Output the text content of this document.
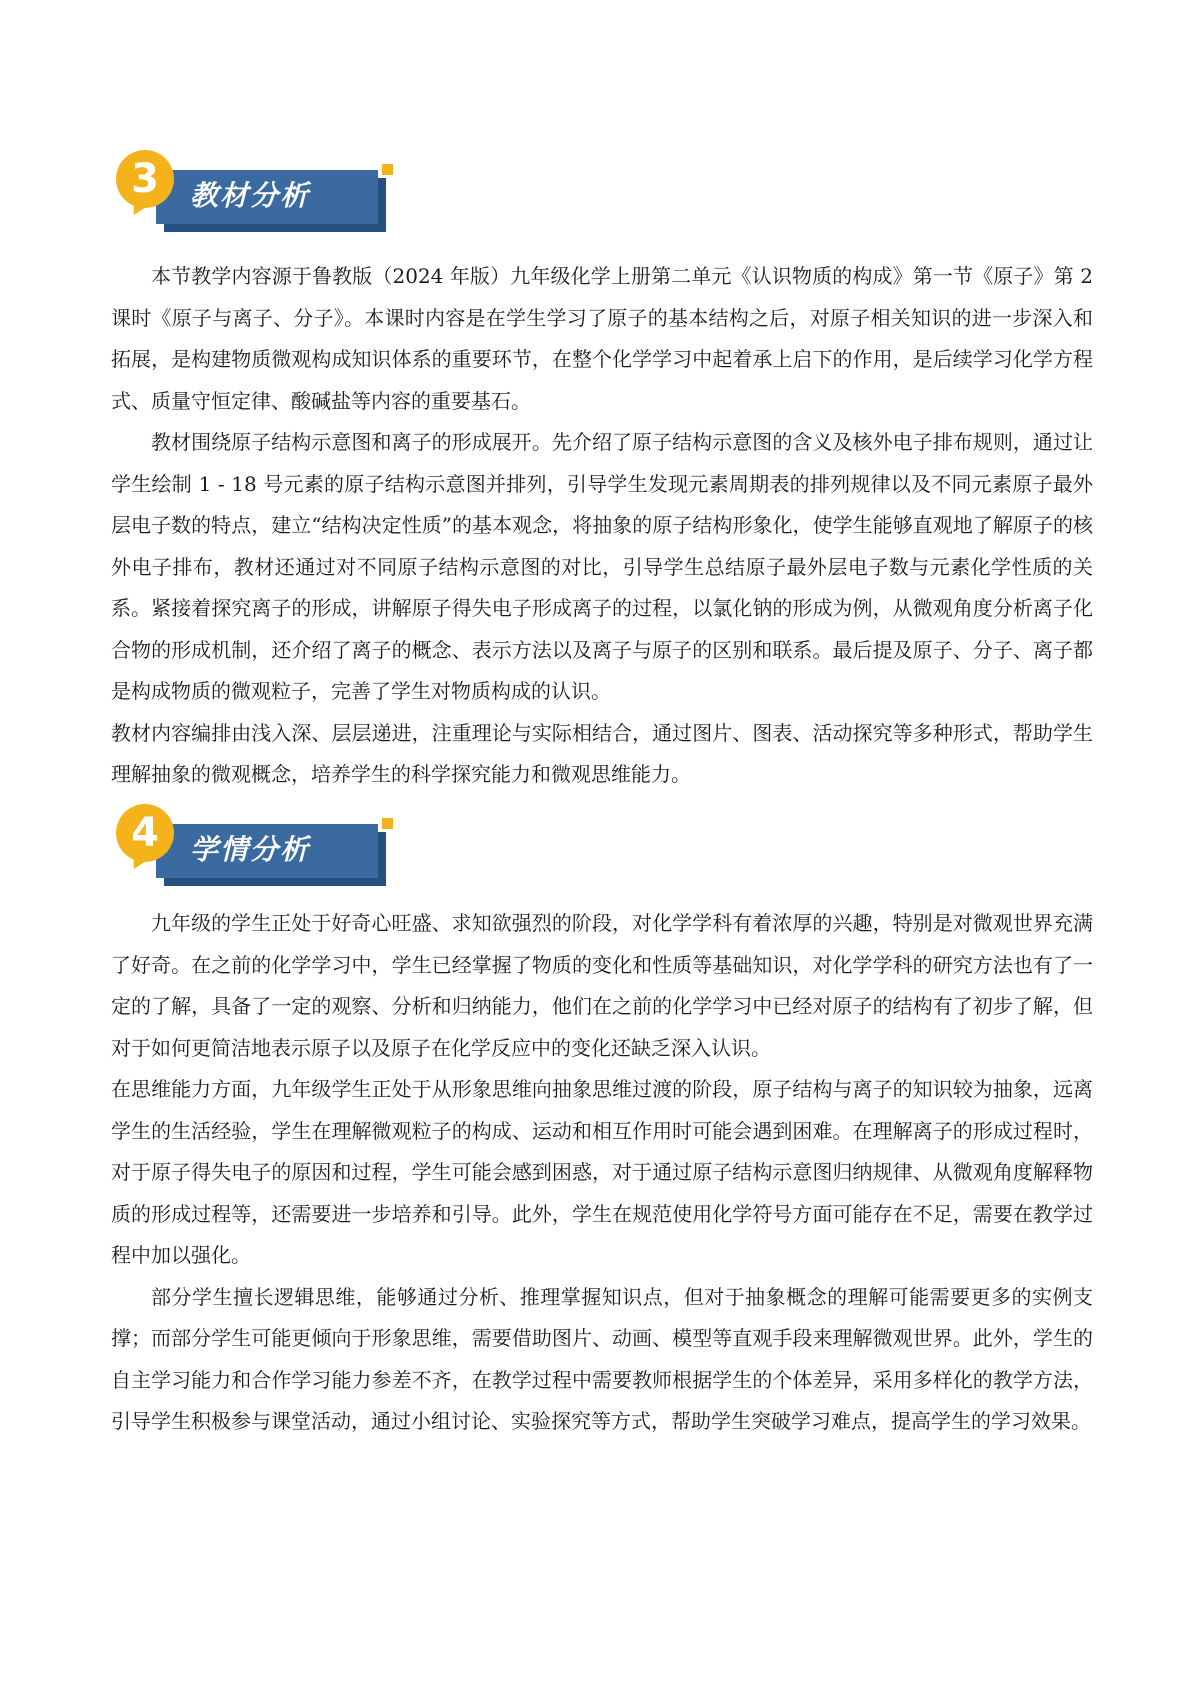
3	教材分析

本节教学内容源于鲁教版（2024 年版）九年级化学上册第二单元《认识物质的构成》第一节《原子》第 2 课时《原子与离子、分子》。本课时内容是在学生学习了原子的基本结构之后，对原子相关知识的进一步深入和拓展，是构建物质微观构成知识体系的重要环节，在整个化学学习中起着承上启下的作用，是后续学习化学方程式、质量守恒定律、酸碱盐等内容的重要基石。

教材围绕原子结构示意图和离子的形成展开。先介绍了原子结构示意图的含义及核外电子排布规则，通过让学生绘制 1 - 18 号元素的原子结构示意图并排列，引导学生发现元素周期表的排列规律以及不同元素原子最外层电子数的特点，建立“结构决定性质”的基本观念，将抽象的原子结构形象化，使学生能够直观地了解原子的核外电子排布，教材还通过对不同原子结构示意图的对比，引导学生总结原子最外层电子数与元素化学性质的关系。紧接着探究离子的形成，讲解原子得失电子形成离子的过程，以氯化钠的形成为例，从微观角度分析离子化合物的形成机制，还介绍了离子的概念、表示方法以及离子与原子的区别和联系。最后提及原子、分子、离子都是构成物质的微观粒子，完善了学生对物质构成的认识。

教材内容编排由浅入深、层层递进，注重理论与实际相结合，通过图片、图表、活动探究等多种形式，帮助学生理解抽象的微观概念，培养学生的科学探究能力和微观思维能力。

4	学情分析

九年级的学生正处于好奇心旺盛、求知欲强烈的阶段，对化学学科有着浓厚的兴趣，特别是对微观世界充满了好奇。在之前的化学学习中，学生已经掌握了物质的变化和性质等基础知识，对化学学科的研究方法也有了一定的了解，具备了一定的观察、分析和归纳能力，他们在之前的化学学习中已经对原子的结构有了初步了解，但对于如何更简洁地表示原子以及原子在化学反应中的变化还缺乏深入认识。

在思维能力方面，九年级学生正处于从形象思维向抽象思维过渡的阶段，原子结构与离子的知识较为抽象，远离学生的生活经验，学生在理解微观粒子的构成、运动和相互作用时可能会遇到困难。在理解离子的形成过程时，对于原子得失电子的原因和过程，学生可能会感到困惑，对于通过原子结构示意图归纳规律、从微观角度解释物质的形成过程等，还需要进一步培养和引导。此外，学生在规范使用化学符号方面可能存在不足，需要在教学过程中加以强化。

部分学生擅长逻辑思维，能够通过分析、推理掌握知识点，但对于抽象概念的理解可能需要更多的实例支撑；而部分学生可能更倾向于形象思维，需要借助图片、动画、模型等直观手段来理解微观世界。此外，学生的自主学习能力和合作学习能力参差不齐，在教学过程中需要教师根据学生的个体差异，采用多样化的教学方法，引导学生积极参与课堂活动，通过小组讨论、实验探究等方式，帮助学生突破学习难点，提高学生的学习效果。
